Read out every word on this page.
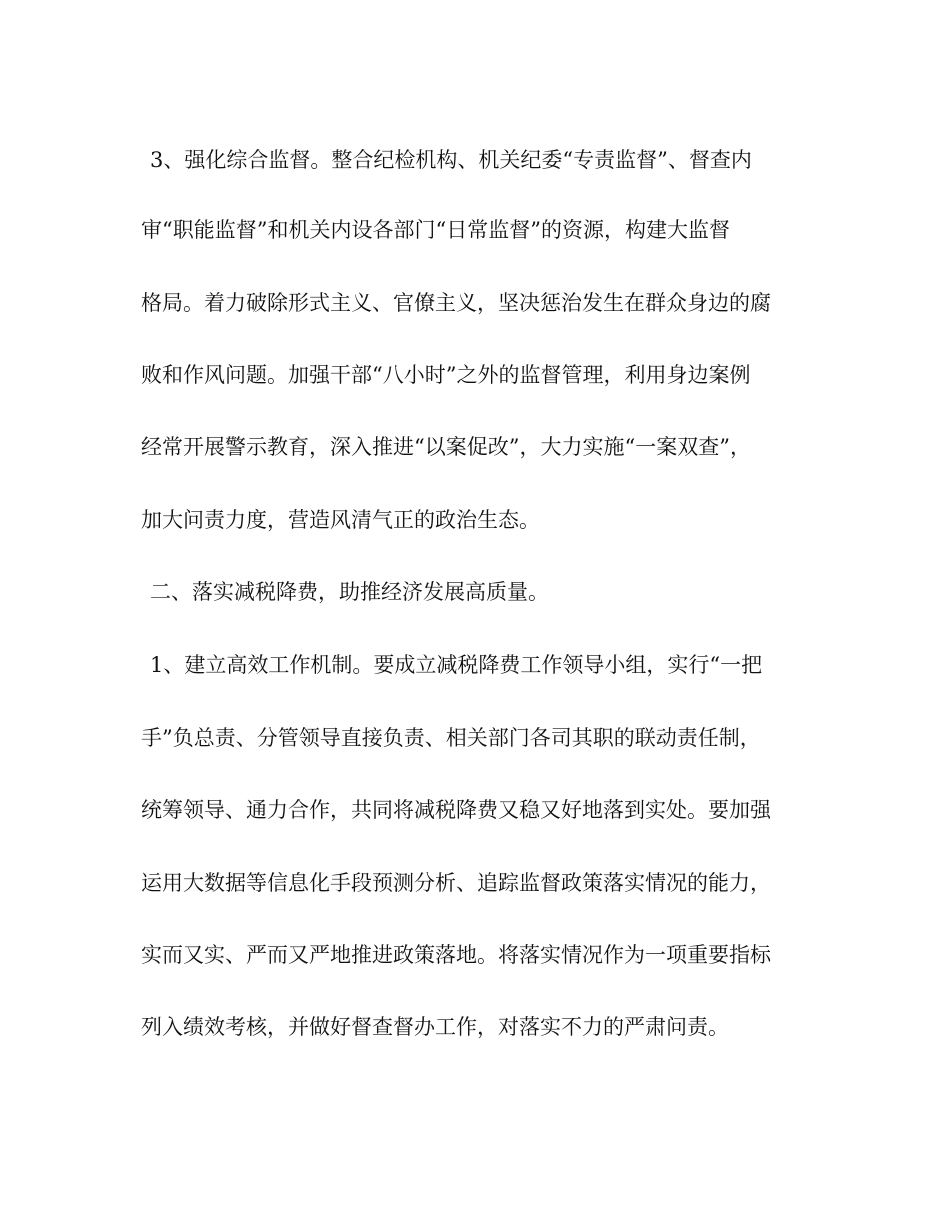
3、强化综合监督。整合纪检机构、机关纪委“专责监督”、督查内
审“职能监督”和机关内设各部门“日常监督”的资源，构建大监督
格局。着力破除形式主义、官僚主义，坚决惩治发生在群众身边的腐
败和作风问题。加强干部“八小时”之外的监督管理，利用身边案例
经常开展警示教育，深入推进“以案促改”，大力实施“一案双查”，
加大问责力度，营造风清气正的政治生态。
二、落实减税降费，助推经济发展高质量。
1、建立高效工作机制。要成立减税降费工作领导小组，实行“一把
手”负总责、分管领导直接负责、相关部门各司其职的联动责任制，
统筹领导、通力合作，共同将减税降费又稳又好地落到实处。要加强
运用大数据等信息化手段预测分析、追踪监督政策落实情况的能力，
实而又实、严而又严地推进政策落地。将落实情况作为一项重要指标
列入绩效考核，并做好督查督办工作，对落实不力的严肃问责。
